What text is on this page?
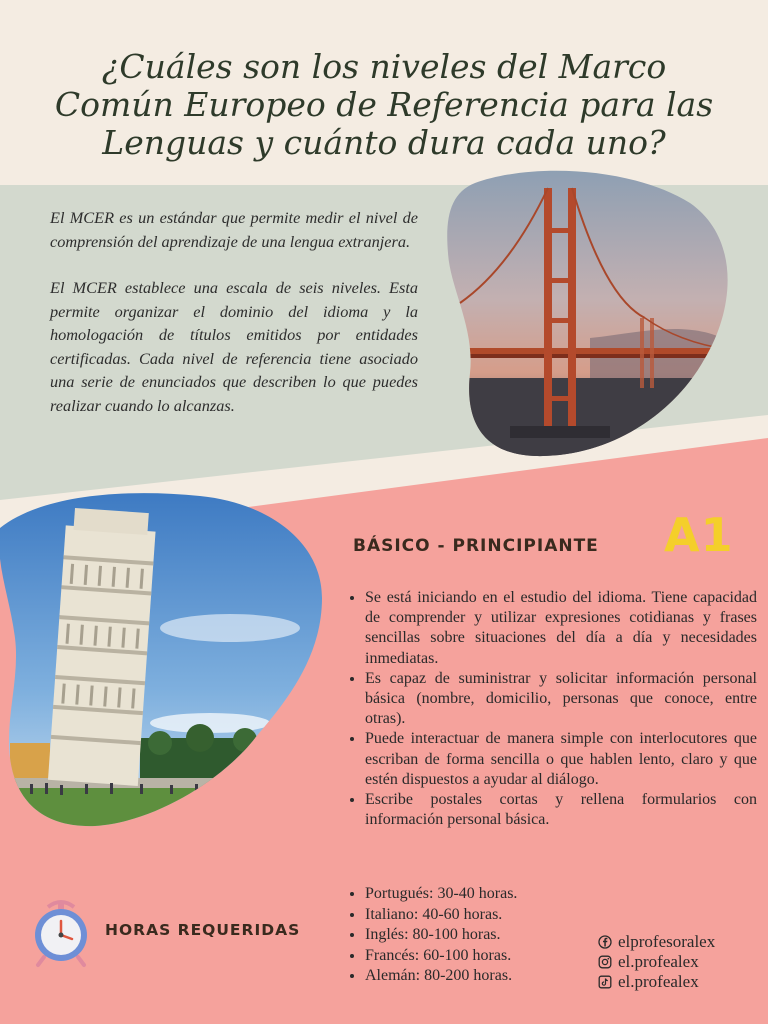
¿Cuáles son los niveles del Marco Común Europeo de Referencia para las Lenguas y cuánto dura cada uno?

El MCER es un estándar que permite medir el nivel de comprensión del aprendizaje de una lengua extranjera.

El MCER establece una escala de seis niveles. Esta permite organizar el dominio del idioma y la homologación de títulos emitidos por entidades certificadas. Cada nivel de referencia tiene asociado una serie de enunciados que describen lo que puedes realizar cuando lo alcanzas.

BÁSICO - PRINCIPIANTE A1
• Se está iniciando en el estudio del idioma. Tiene capacidad de comprender y utilizar expresiones cotidianas y frases sencillas sobre situaciones del día a día y necesidades inmediatas.
• Es capaz de suministrar y solicitar información personal básica (nombre, domicilio, personas que conoce, entre otras).
• Puede interactuar de manera simple con interlocutores que escriban de forma sencilla o que hablen lento, claro y que estén dispuestos a ayudar al diálogo.
• Escribe postales cortas y rellena formularios con información personal básica.
HORAS REQUERIDAS
• Portugués: 30-40 horas.
• Italiano: 40-60 horas.
• Inglés: 80-100 horas.
• Francés: 60-100 horas.
• Alemán: 80-200 horas.
elprofesoralex
el.profealex
el.profealex
